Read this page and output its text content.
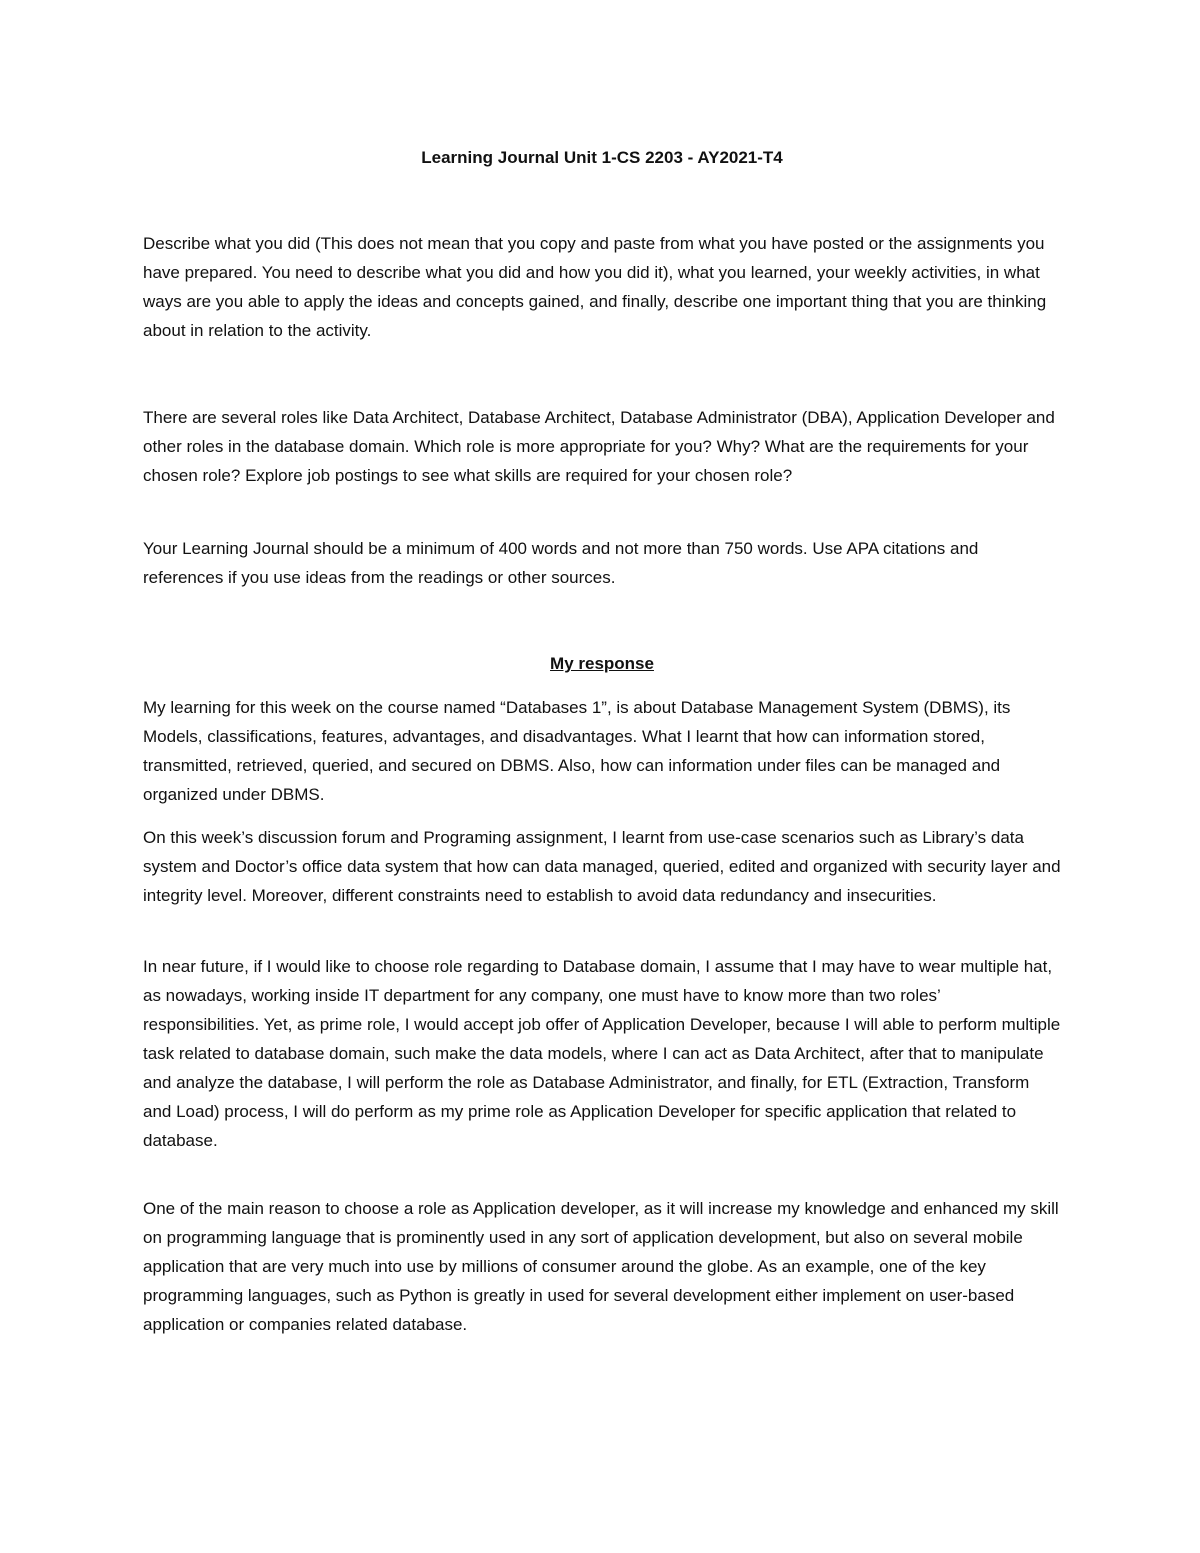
Learning Journal Unit 1-CS 2203 - AY2021-T4

Describe what you did (This does not mean that you copy and paste from what you have posted or the assignments you have prepared. You need to describe what you did and how you did it), what you learned, your weekly activities, in what ways are you able to apply the ideas and concepts gained, and finally, describe one important thing that you are thinking about in relation to the activity.

There are several roles like Data Architect, Database Architect, Database Administrator (DBA), Application Developer and other roles in the database domain. Which role is more appropriate for you? Why? What are the requirements for your chosen role? Explore job postings to see what skills are required for your chosen role?

Your Learning Journal should be a minimum of 400 words and not more than 750 words. Use APA citations and references if you use ideas from the readings or other sources.

My response

My learning for this week on the course named “Databases 1”, is about Database Management System (DBMS), its Models, classifications, features, advantages, and disadvantages. What I learnt that how can information stored, transmitted, retrieved, queried, and secured on DBMS. Also, how can information under files can be managed and organized under DBMS.

On this week’s discussion forum and Programing assignment, I learnt from use-case scenarios such as Library’s data system and Doctor’s office data system that how can data managed, queried, edited and organized with security layer and integrity level. Moreover, different constraints need to establish to avoid data redundancy and insecurities.

In near future, if I would like to choose role regarding to Database domain, I assume that I may have to wear multiple hat, as nowadays, working inside IT department for any company, one must have to know more than two roles’ responsibilities. Yet, as prime role, I would accept job offer of Application Developer, because I will able to perform multiple task related to database domain, such make the data models, where I can act as Data Architect, after that to manipulate and analyze the database, I will perform the role as Database Administrator, and finally, for ETL (Extraction, Transform and Load) process, I will do perform as my prime role as Application Developer for specific application that related to database.

One of the main reason to choose a role as Application developer, as it will increase my knowledge and enhanced my skill on programming language that is prominently used in any sort of application development, but also on several mobile application that are very much into use by millions of consumer around the globe. As an example, one of the key programming languages, such as Python is greatly in used for several development either implement on user-based application or companies related database.
